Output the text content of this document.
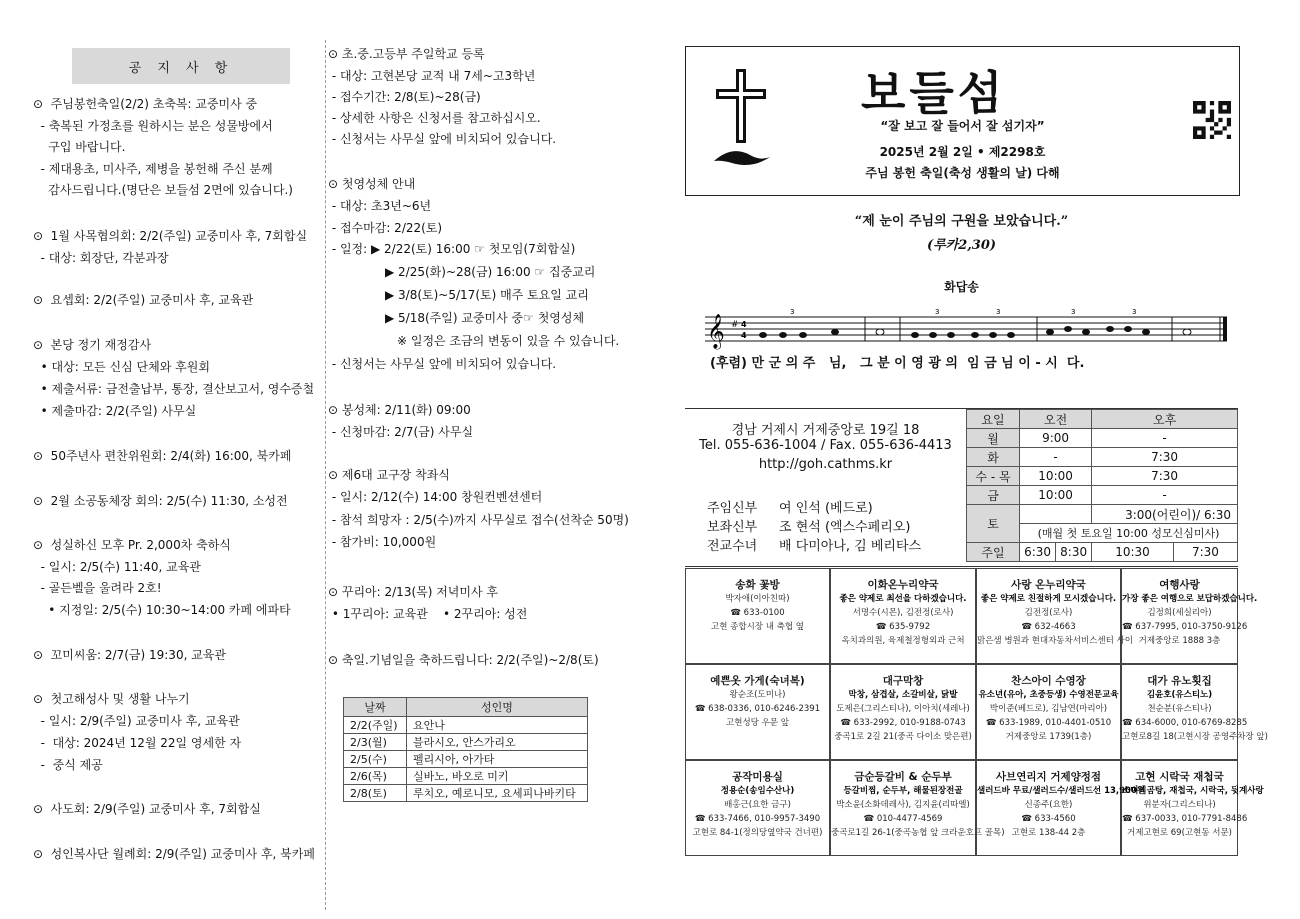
공 지 사 항
⊙  주님봉헌축일(2/2) 초축복: 교중미사 중
- 축복된 가정초를 원하시는 분은 성물방에서
구입 바랍니다.
- 제대용초, 미사주, 제병을 봉헌해 주신 분께
감사드립니다.(명단은 보들섬 2면에 있습니다.)
⊙  1월 사목협의회: 2/2(주일) 교중미사 후, 7회합실
- 대상: 회장단, 각분과장
⊙  요셉회: 2/2(주일) 교중미사 후, 교육관
⊙  본당 정기 재정감사
• 대상: 모든 신심 단체와 후원회
• 제출서류: 금전출납부, 통장, 결산보고서, 영수증철
• 제출마감: 2/2(주일) 사무실
⊙  50주년사 편찬위원회: 2/4(화) 16:00, 북카페
⊙  2월 소공동체장 회의: 2/5(수) 11:30, 소성전
⊙  성실하신 모후 Pr. 2,000차 축하식
- 일시: 2/5(수) 11:40, 교육관
- 골든벨을 울려라 2호!
• 지정일: 2/5(수) 10:30~14:00 카페 에파타
⊙  꼬미씨움: 2/7(금) 19:30, 교육관
⊙  첫고해성사 및 생활 나누기
- 일시: 2/9(주일) 교중미사 후, 교육관
-  대상: 2024년 12월 22일 영세한 자
-  중식 제공
⊙  사도회: 2/9(주일) 교중미사 후, 7회합실
⊙  성인복사단 월례회: 2/9(주일) 교중미사 후, 북카페
⊙ 초.중.고등부 주일학교 등록
- 대상: 고현본당 교적 내 7세~고3학년
- 접수기간: 2/8(토)~28(금)
- 상세한 사항은 신청서를 참고하십시오.
- 신청서는 사무실 앞에 비치되어 있습니다.
⊙ 첫영성체 안내
- 대상: 초3년~6년
- 접수마감: 2/22(토)
- 일정: ▶ 2/22(토) 16:00 ☞ 첫모임(7회합실)
▶ 2/25(화)~28(금) 16:00 ☞ 집중교리
▶ 3/8(토)~5/17(토) 매주 토요일 교리
▶ 5/18(주일) 교중미사 중☞ 첫영성체
※ 일정은 조금의 변동이 있을 수 있습니다.
- 신청서는 사무실 앞에 비치되어 있습니다.
⊙ 봉성체: 2/11(화) 09:00
- 신청마감: 2/7(금) 사무실
⊙ 제6대 교구장 착좌식
- 일시: 2/12(수) 14:00 창원컨벤션센터
- 참석 희망자 : 2/5(수)까지 사무실로 접수(선착순 50명)
- 참가비: 10,000원
⊙ 꾸리아: 2/13(목) 저녁미사 후
• 1꾸리아: 교육관    • 2꾸리아: 성전
⊙ 축일.기념일을 축하드립니다: 2/2(주일)~2/8(토)
날짜	성인명
2/2(주일)	요안나
2/3(월)	블라시오, 안스가리오
2/5(수)	펠리시아, 아가타
2/6(목)	실바노, 바오로 미키
2/8(토)	루치오, 예로니모, 요세피나바키타
보들섬
“잘 보고 잘 들어서 잘 섬기자”
2025년 2월 2일 • 제2298호
주님 봉헌 축일(축성 생활의 날) 다해
“제 눈이 주님의 구원을 보았습니다.”
(루카2,30)
화답송
𝄞 # 4
4
3	3	3	3	3
(후렴) 만 군 의 주   님,   그 분 이 영 광 의  임 금 님 이 - 시  다.
경남 거제시 거제중앙로 19길 18
Tel. 055-636-1004 / Fax. 055-636-4413
http://goh.cathms.kr
주임신부 여 인석 (베드로)
보좌신부 조 현석 (엑스수페리오)
전교수녀 배 다미아나, 김 베리타스
요일	오전		오후	
월	9:00		-	
화	-		7:30	
수 - 목	10:00		7:30	
금	10:00		-	
토			3:00(어린이)/ 6:30	
	(매월 첫 토요일 10:00 성모신심미사)			
주일	6:30	8:30	10:30	7:30
송화 꽃방
박자애(이아친따)
☎ 633-0100
고현 종합시장 내 축협 옆
이화온누리약국
좋은 약제로 최선을 다하겠습니다.
서명수(시몬), 김전정(로사)
☎ 635-9792
옥치과의원, 육제철정형외과 근처
사랑 온누리약국
좋은 약제로 친절하게 모시겠습니다.
김전정(로사)
☎ 632-4663
맑은샘 병원과 현대자동차서비스센터 사이
여행사랑
가장 좋은 여행으로 보답하겠습니다.
김정희(세실리아)
☎ 637-7995, 010-3750-9126
거제중앙로 1888 3층
예쁜옷 가게(숙녀복)
왕순조(도미나)
☎ 638-0336, 010-6246-2391
고현성당 우문 앞
대구막창
막창, 삼겹살, 소갈비살, 닭발
도제은(그리스티나), 이아치(세레나)
☎ 633-2992, 010-9188-0743
중곡1로 2길 21(중곡 다이소 맞은편)
찬스아이 수영장
유소년(유아, 초중등생) 수영전문교육
박이준(베드로), 김남연(마리아)
☎ 633-1989, 010-4401-0510
거제중앙로 1739(1층)
대가 유노횟집
김윤호(유스티노)
천순분(유스티나)
☎ 634-6000, 010-6769-8285
고현로8길 18(고현시장 공영주차장 앞)
공작미용실
정용순(송임수산나)
배홍근(요한 금구)
☎ 633-7466, 010-9957-3490
고현로 84-1(정의당옆약국 건너편)
금순등갈비 & 순두부
등갈비찜, 순두부, 해물된장전골
박소윤(소화데레사), 김지윤(리따엘)
☎ 010-4477-4569
중곡로1길 26-1(중곡농협 앞 크라운호프 골목)
사브연리지 거제양정점
샐러드바 무료/샐러드수/샐러드선 13,900원
신종주(요한)
☎ 633-4560
고현로 138-44 2층
고현 시락국 재첩국
소머리곰탕, 재첩국, 시락국, 뒷계사랑
위분자(그리스티나)
☎ 637-0033, 010-7791-8486
거제고현로 69(고현동 서문)
